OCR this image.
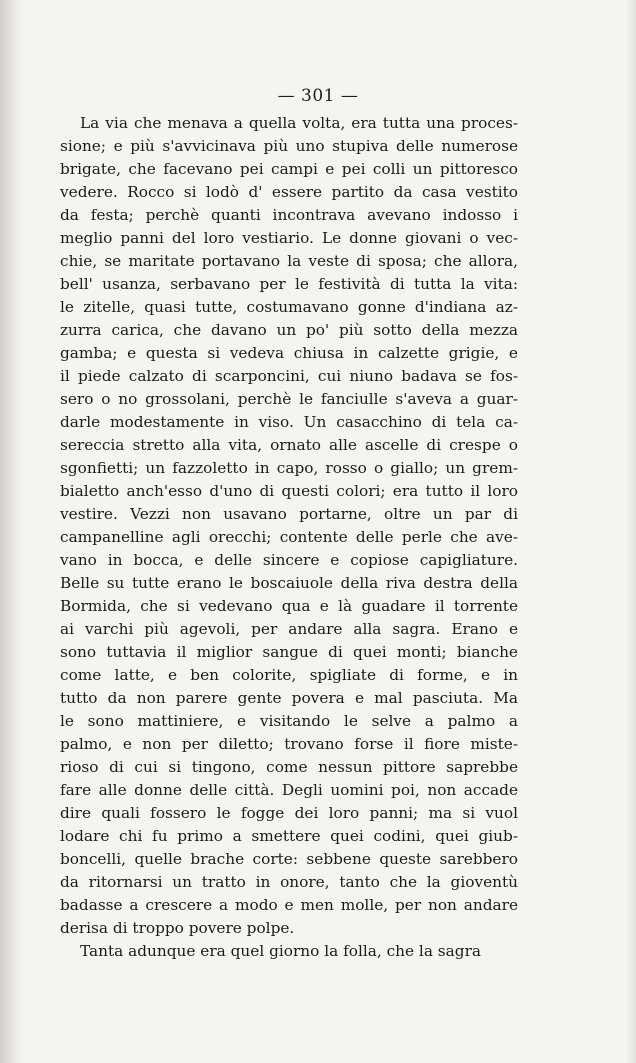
— 301 —
La via che menava a quella volta, era tutta una proces-
sione; e più s'avvicinava più uno stupiva delle numerose
brigate, che facevano pei campi e pei colli un pittoresco
vedere. Rocco si lodò d' essere partito da casa vestito
da festa; perchè quanti incontrava avevano indosso i
meglio panni del loro vestiario. Le donne giovani o vec-
chie, se maritate portavano la veste di sposa; che allora,
bell' usanza, serbavano per le festività di tutta la vita:
le zitelle, quasi tutte, costumavano gonne d'indiana az-
zurra carica, che davano un po' più sotto della mezza
gamba; e questa si vedeva chiusa in calzette grigie, e
il piede calzato di scarponcini, cui niuno badava se fos-
sero o no grossolani, perchè le fanciulle s'aveva a guar-
darle modestamente in viso. Un casacchino di tela ca-
sereccia stretto alla vita, ornato alle ascelle di crespe o
sgonfietti; un fazzoletto in capo, rosso o giallo; un grem-
bialetto anch'esso d'uno di questi colori; era tutto il loro
vestire. Vezzi non usavano portarne, oltre un par di
campanelline agli orecchi; contente delle perle che ave-
vano in bocca, e delle sincere e copiose capigliature.
Belle su tutte erano le boscaiuole della riva destra della
Bormida, che si vedevano qua e là guadare il torrente
ai varchi più agevoli, per andare alla sagra. Erano e
sono tuttavia il miglior sangue di quei monti; bianche
come latte, e ben colorite, spigliate di forme, e in
tutto da non parere gente povera e mal pasciuta. Ma
le sono mattiniere, e visitando le selve a palmo a
palmo, e non per diletto; trovano forse il fiore miste-
rioso di cui si tingono, come nessun pittore saprebbe
fare alle donne delle città. Degli uomini poi, non accade
dire quali fossero le fogge dei loro panni; ma si vuol
lodare chi fu primo a smettere quei codini, quei giub-
boncelli, quelle brache corte: sebbene queste sarebbero
da ritornarsi un tratto in onore, tanto che la gioventù
badasse a crescere a modo e men molle, per non andare
derisa di troppo povere polpe.
Tanta adunque era quel giorno la folla, che la sagra
